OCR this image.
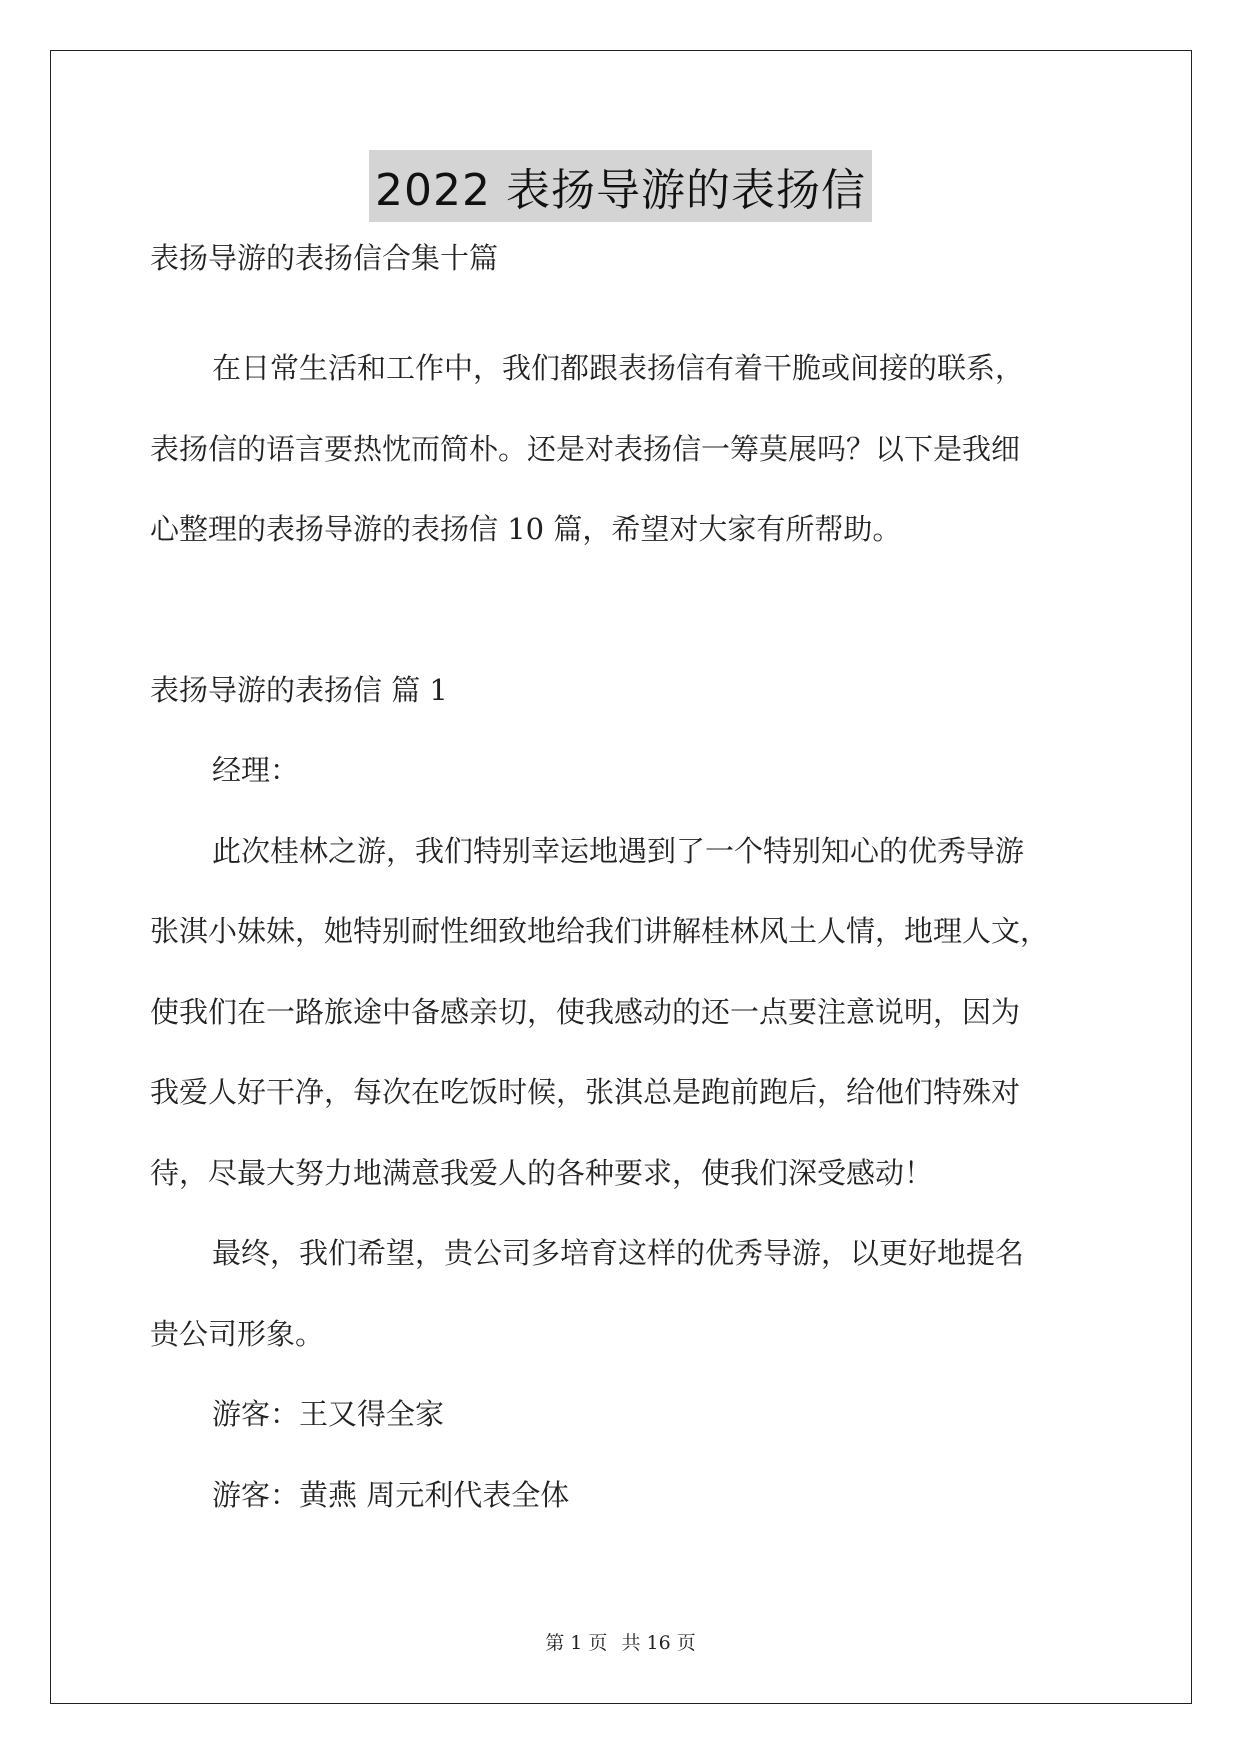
2022 表扬导游的表扬信
表扬导游的表扬信合集十篇
在日常生活和工作中，我们都跟表扬信有着干脆或间接的联系，
表扬信的语言要热忱而简朴。还是对表扬信一筹莫展吗？以下是我细
心整理的表扬导游的表扬信 10 篇，希望对大家有所帮助。
表扬导游的表扬信 篇 1
经理：
此次桂林之游，我们特别幸运地遇到了一个特别知心的优秀导游
张淇小妹妹，她特别耐性细致地给我们讲解桂林风土人情，地理人文，
使我们在一路旅途中备感亲切，使我感动的还一点要注意说明，因为
我爱人好干净，每次在吃饭时候，张淇总是跑前跑后，给他们特殊对
待，尽最大努力地满意我爱人的各种要求，使我们深受感动！
最终，我们希望，贵公司多培育这样的优秀导游，以更好地提名
贵公司形象。
游客：王又得全家
游客：黄燕 周元利代表全体
第 1 页 共 16 页
